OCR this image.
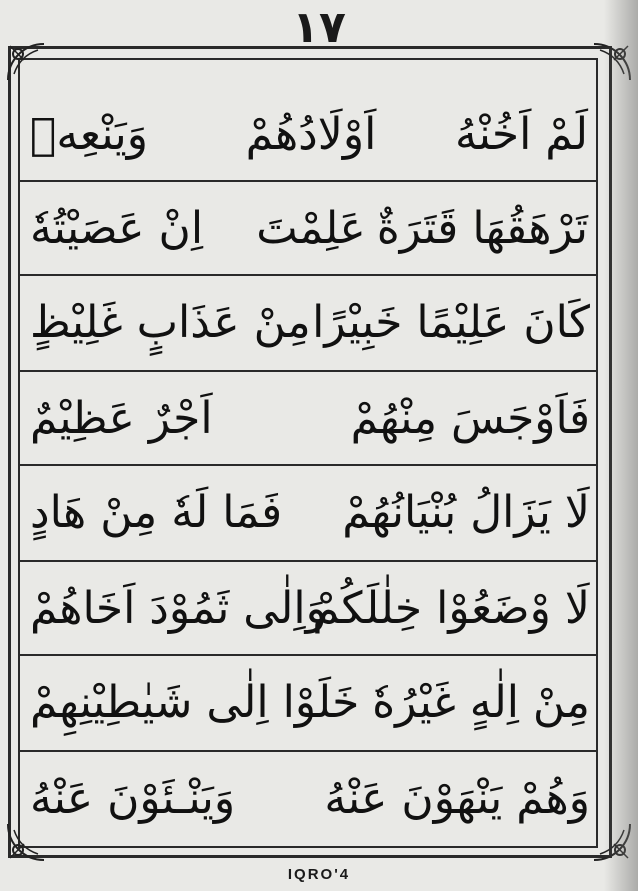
١٧
لَمْ اَخُنْهُ
اَوْلَادُهُمْ
وَيَنْعِهٖ
تَرْهَقُهَا قَتَرَةٌ
عَلِمْتَ
اِنْ عَصَيْتُهٗ
كَانَ عَلِيْمًا خَبِيْرًا
مِنْ عَذَابٍ غَلِيْظٍ
فَاَوْجَسَ مِنْهُمْ
اَجْرٌ عَظِيْمٌ
لَا يَزَالُ بُنْيَانُهُمْ
فَمَا لَهٗ مِنْ هَادٍ
لَا وْضَعُوْا خِلٰلَكُمْ
وَاِلٰى ثَمُوْدَ اَخَاهُمْ
مِنْ اِلٰهٍ غَيْرُهٗ
خَلَوْا اِلٰى شَيٰطِيْنِهِمْ
وَهُمْ يَنْهَوْنَ عَنْهُ
وَيَنْـئَوْنَ عَنْهُ
IQRO'4
